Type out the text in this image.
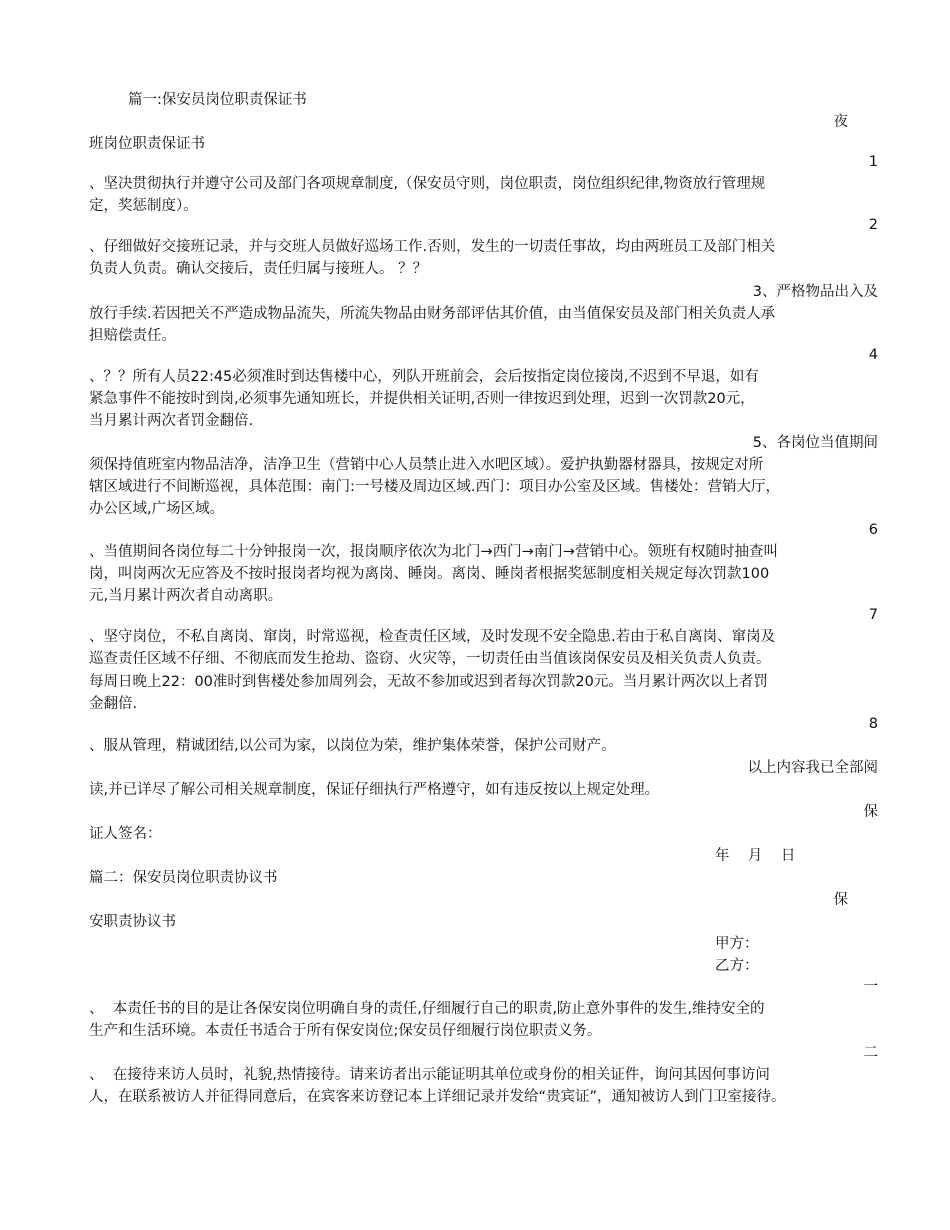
篇一:保安员岗位职责保证书
夜
班岗位职责保证书
1
、坚决贯彻执行并遵守公司及部门各项规章制度,（保安员守则，岗位职责，岗位组织纪律,物资放行管理规
定，奖惩制度）。
2
、仔细做好交接班记录，并与交班人员做好巡场工作.否则，发生的一切责任事故，均由两班员工及部门相关
负责人负责。确认交接后，责任归属与接班人。 ？？
3、严格物品出入及
放行手续.若因把关不严造成物品流失，所流失物品由财务部评估其价值，由当值保安员及部门相关负责人承
担赔偿责任。
4
、？？所有人员22:45必须准时到达售楼中心，列队开班前会，会后按指定岗位接岗,不迟到不早退，如有
紧急事件不能按时到岗,必须事先通知班长，并提供相关证明,否则一律按迟到处理，迟到一次罚款20元，
当月累计两次者罚金翻倍.
5、各岗位当值期间
须保持值班室内物品洁净，洁净卫生（营销中心人员禁止进入水吧区域）。爱护执勤器材器具，按规定对所
辖区域进行不间断巡视，具体范围：南门:一号楼及周边区域.西门：项目办公室及区域。售楼处：营销大厅，
办公区域,广场区域。
6
、当值期间各岗位每二十分钟报岗一次，报岗顺序依次为北门→西门→南门→营销中心。领班有权随时抽查叫
岗，叫岗两次无应答及不按时报岗者均视为离岗、睡岗。离岗、睡岗者根据奖惩制度相关规定每次罚款100
元,当月累计两次者自动离职。
7
、坚守岗位，不私自离岗、窜岗，时常巡视，检查责任区域，及时发现不安全隐患.若由于私自离岗、窜岗及
巡查责任区域不仔细、不彻底而发生抢劫、盗窃、火灾等，一切责任由当值该岗保安员及相关负责人负责。
每周日晚上22：00准时到售楼处参加周列会，无故不参加或迟到者每次罚款20元。当月累计两次以上者罚
金翻倍.
8
、服从管理，精诚团结,以公司为家，以岗位为荣，维护集体荣誉，保护公司财产。
以上内容我已全部阅
读,并已详尽了解公司相关规章制度，保证仔细执行严格遵守，如有违反按以上规定处理。
保
证人签名：
年    月    日
篇二：保安员岗位职责协议书
保
安职责协议书
甲方：
乙方：
一
、  本责任书的目的是让各保安岗位明确自身的责任,仔细履行自己的职责,防止意外事件的发生,维持安全的
生产和生活环境。本责任书适合于所有保安岗位;保安员仔细履行岗位职责义务。
二
、  在接待来访人员时，礼貌,热情接待。请来访者出示能证明其单位或身份的相关证件，询问其因何事访问
人，在联系被访人并征得同意后，在宾客来访登记本上详细记录并发给“贵宾证”，通知被访人到门卫室接待。
